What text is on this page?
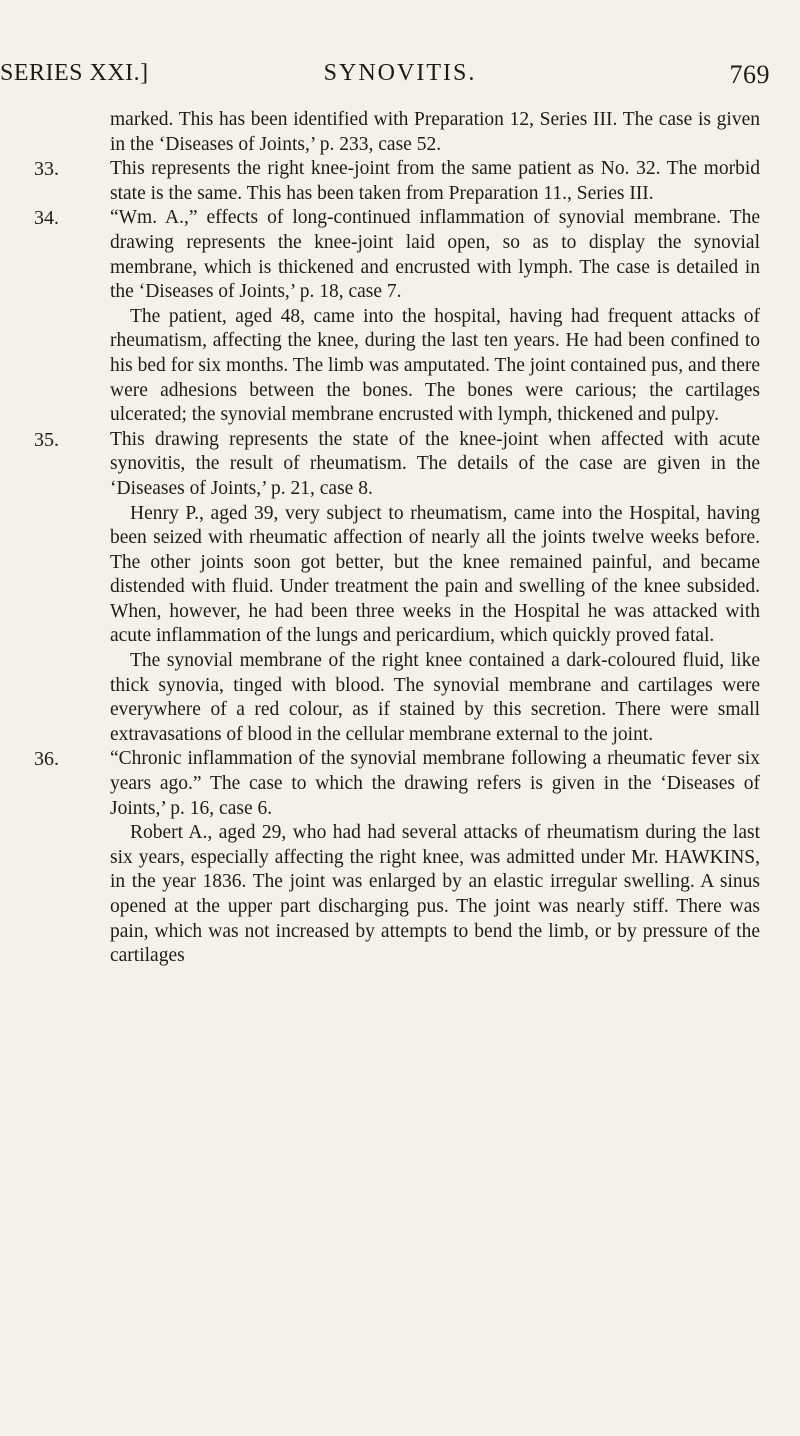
SERIES XXI.]	SYNOVITIS.	769

marked. This has been identified with Preparation 12, Series III. The case is given in the ‘Diseases of Joints,’ p. 233, case 52.

33.	This represents the right knee-joint from the same patient as No. 32. The morbid state is the same. This has been taken from Preparation 11., Series III.

34.	“Wm. A.,” effects of long-continued inflammation of synovial membrane. The drawing represents the knee-joint laid open, so as to display the synovial membrane, which is thickened and encrusted with lymph. The case is detailed in the ‘Diseases of Joints,’ p. 18, case 7.

The patient, aged 48, came into the hospital, having had frequent attacks of rheumatism, affecting the knee, during the last ten years. He had been confined to his bed for six months. The limb was amputated. The joint contained pus, and there were adhesions between the bones. The bones were carious; the cartilages ulcerated; the synovial membrane encrusted with lymph, thickened and pulpy.

35.	This drawing represents the state of the knee-joint when affected with acute synovitis, the result of rheumatism. The details of the case are given in the ‘Diseases of Joints,’ p. 21, case 8.

Henry P., aged 39, very subject to rheumatism, came into the Hospital, having been seized with rheumatic affection of nearly all the joints twelve weeks before. The other joints soon got better, but the knee remained painful, and became distended with fluid. Under treatment the pain and swelling of the knee subsided. When, however, he had been three weeks in the Hospital he was attacked with acute inflammation of the lungs and pericardium, which quickly proved fatal.

The synovial membrane of the right knee contained a dark-coloured fluid, like thick synovia, tinged with blood. The synovial membrane and cartilages were everywhere of a red colour, as if stained by this secretion. There were small extravasations of blood in the cellular membrane external to the joint.

36.	“Chronic inflammation of the synovial membrane following a rheumatic fever six years ago.” The case to which the drawing refers is given in the ‘Diseases of Joints,’ p. 16, case 6.

Robert A., aged 29, who had had several attacks of rheumatism during the last six years, especially affecting the right knee, was admitted under Mr. HAWKINS, in the year 1836. The joint was enlarged by an elastic irregular swelling. A sinus opened at the upper part discharging pus. The joint was nearly stiff. There was pain, which was not increased by attempts to bend the limb, or by pressure of the cartilages
